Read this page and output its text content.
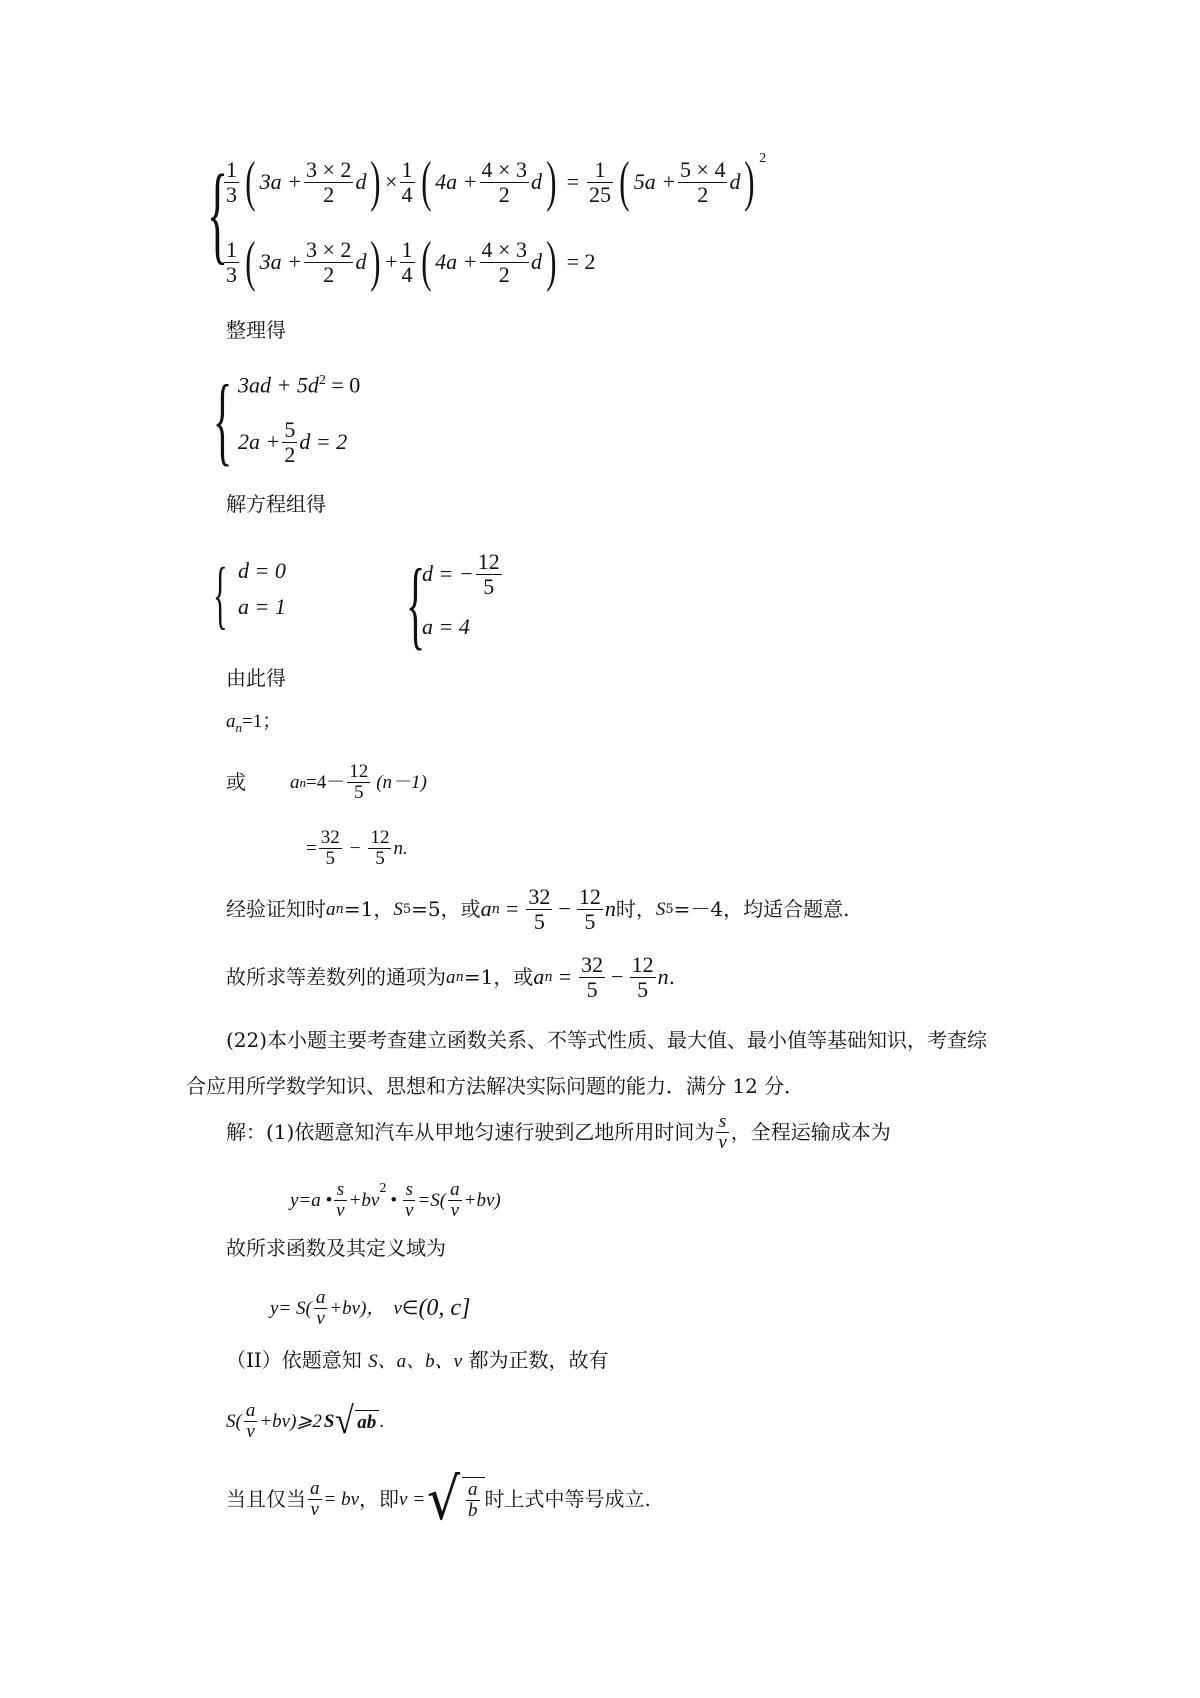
{
$\frac{1}{3}$ ( $3a + \frac{3 \times 2}{2}$ d ) × $\frac{1}{4}$ ( $4a + \frac{4 \times 3}{2}$ d ) = $\frac{1}{25}$ ( $5a + \frac{5 \times 4}{2}$ d ) 2
$\frac{1}{3}$ ( $3a + \frac{3 \times 2}{2}$ d ) + $\frac{1}{4}$ ( $4a + \frac{4 \times 3}{2}$ d ) = 2
整理得
{ $3ad + 5d^2 = 0$
$2a + \frac{5}{2}$ d = 2
解方程组得
{ d = 0
a = 1 {
d = − $\frac{12}{5}$
a = 4
由此得
$a_n=1$；
或 a $n =4- \frac{12}{5} (n-1)$
= $\frac{32}{5} - \frac{12}{5} n$.
经验证知时 a n =1， S 5 =5，或 a $n = \frac{32}{5} - \frac{12}{5}$ n 时， S 5 =－4，均适合题意.
故所求等差数列的通项为 a n =1，或 a $n = \frac{32}{5} - \frac{12}{5}$ n .
(22)本小题主要考查建立函数关系、不等式性质、最大值、最小值等基础知识，考查综
合应用所学数学知识、思想和方法解决实际问题的能力．满分 12 分．
解：(1)依题意知汽车从甲地匀速行驶到乙地所用时间为 $\frac{s}{v}$ ，全程运输成本为
y =a • $\frac{s}{v} +bv$
2
• $\frac{s}{v} =S( \frac{a}{v} +bv)$
故所求函数及其定义域为
$y = S( \frac{a}{v} +bv)$， v ∈ (0, c]
（II）依题意知 S、a、b、v 都为正数，故有
$S( \frac{a}{v}$ +bv)⩾2 S √ ab .
当且仅当 $\frac{a}{v}$ = bv ，即 v = √ $\frac{a}{b}$ 时上式中等号成立.
